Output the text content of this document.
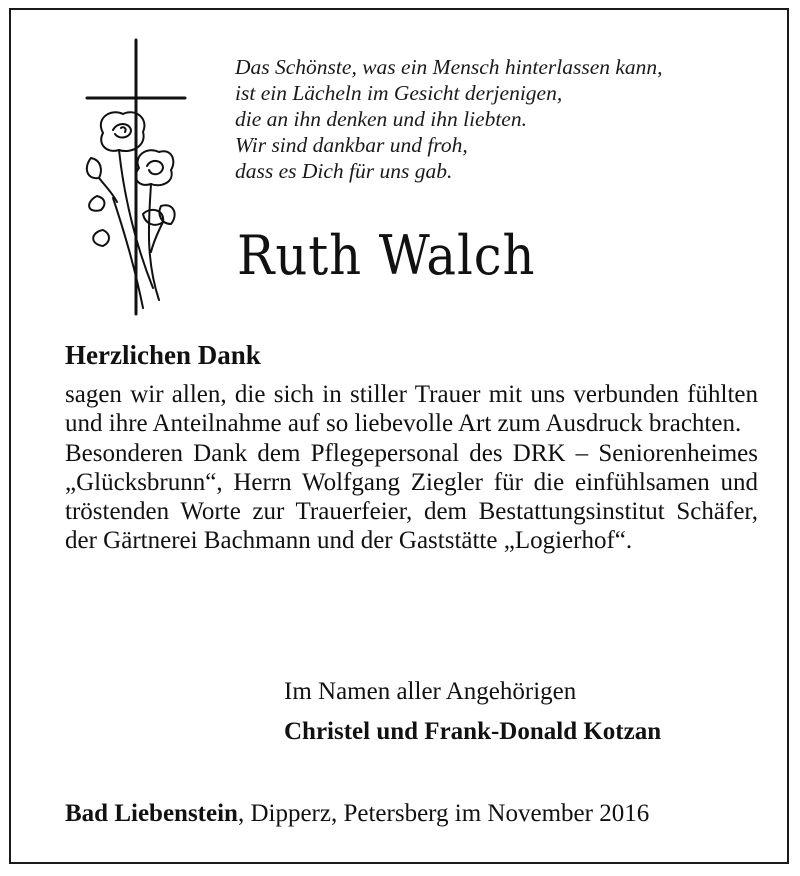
Das Schönste, was ein Mensch hinterlassen kann,
ist ein Lächeln im Gesicht derjenigen,
die an ihn denken und ihn liebten.
Wir sind dankbar und froh,
dass es Dich für uns gab.
Ruth Walch
Herzlichen Dank

sagen wir allen, die sich in stiller Trauer mit uns verbunden fühlten und ihre Anteilnahme auf so liebevolle Art zum Ausdruck brachten.

Besonderen Dank dem Pflegepersonal des DRK – Seniorenheimes „Glücksbrunn“, Herrn Wolfgang Ziegler für die einfühlsamen und tröstenden Worte zur Trauerfeier, dem Bestattungsinstitut Schäfer, der Gärtnerei Bachmann und der Gaststätte „Logierhof“.

Im Namen aller Angehörigen
Christel und Frank-Donald Kotzan
Bad Liebenstein, Dipperz, Petersberg im November 2016
